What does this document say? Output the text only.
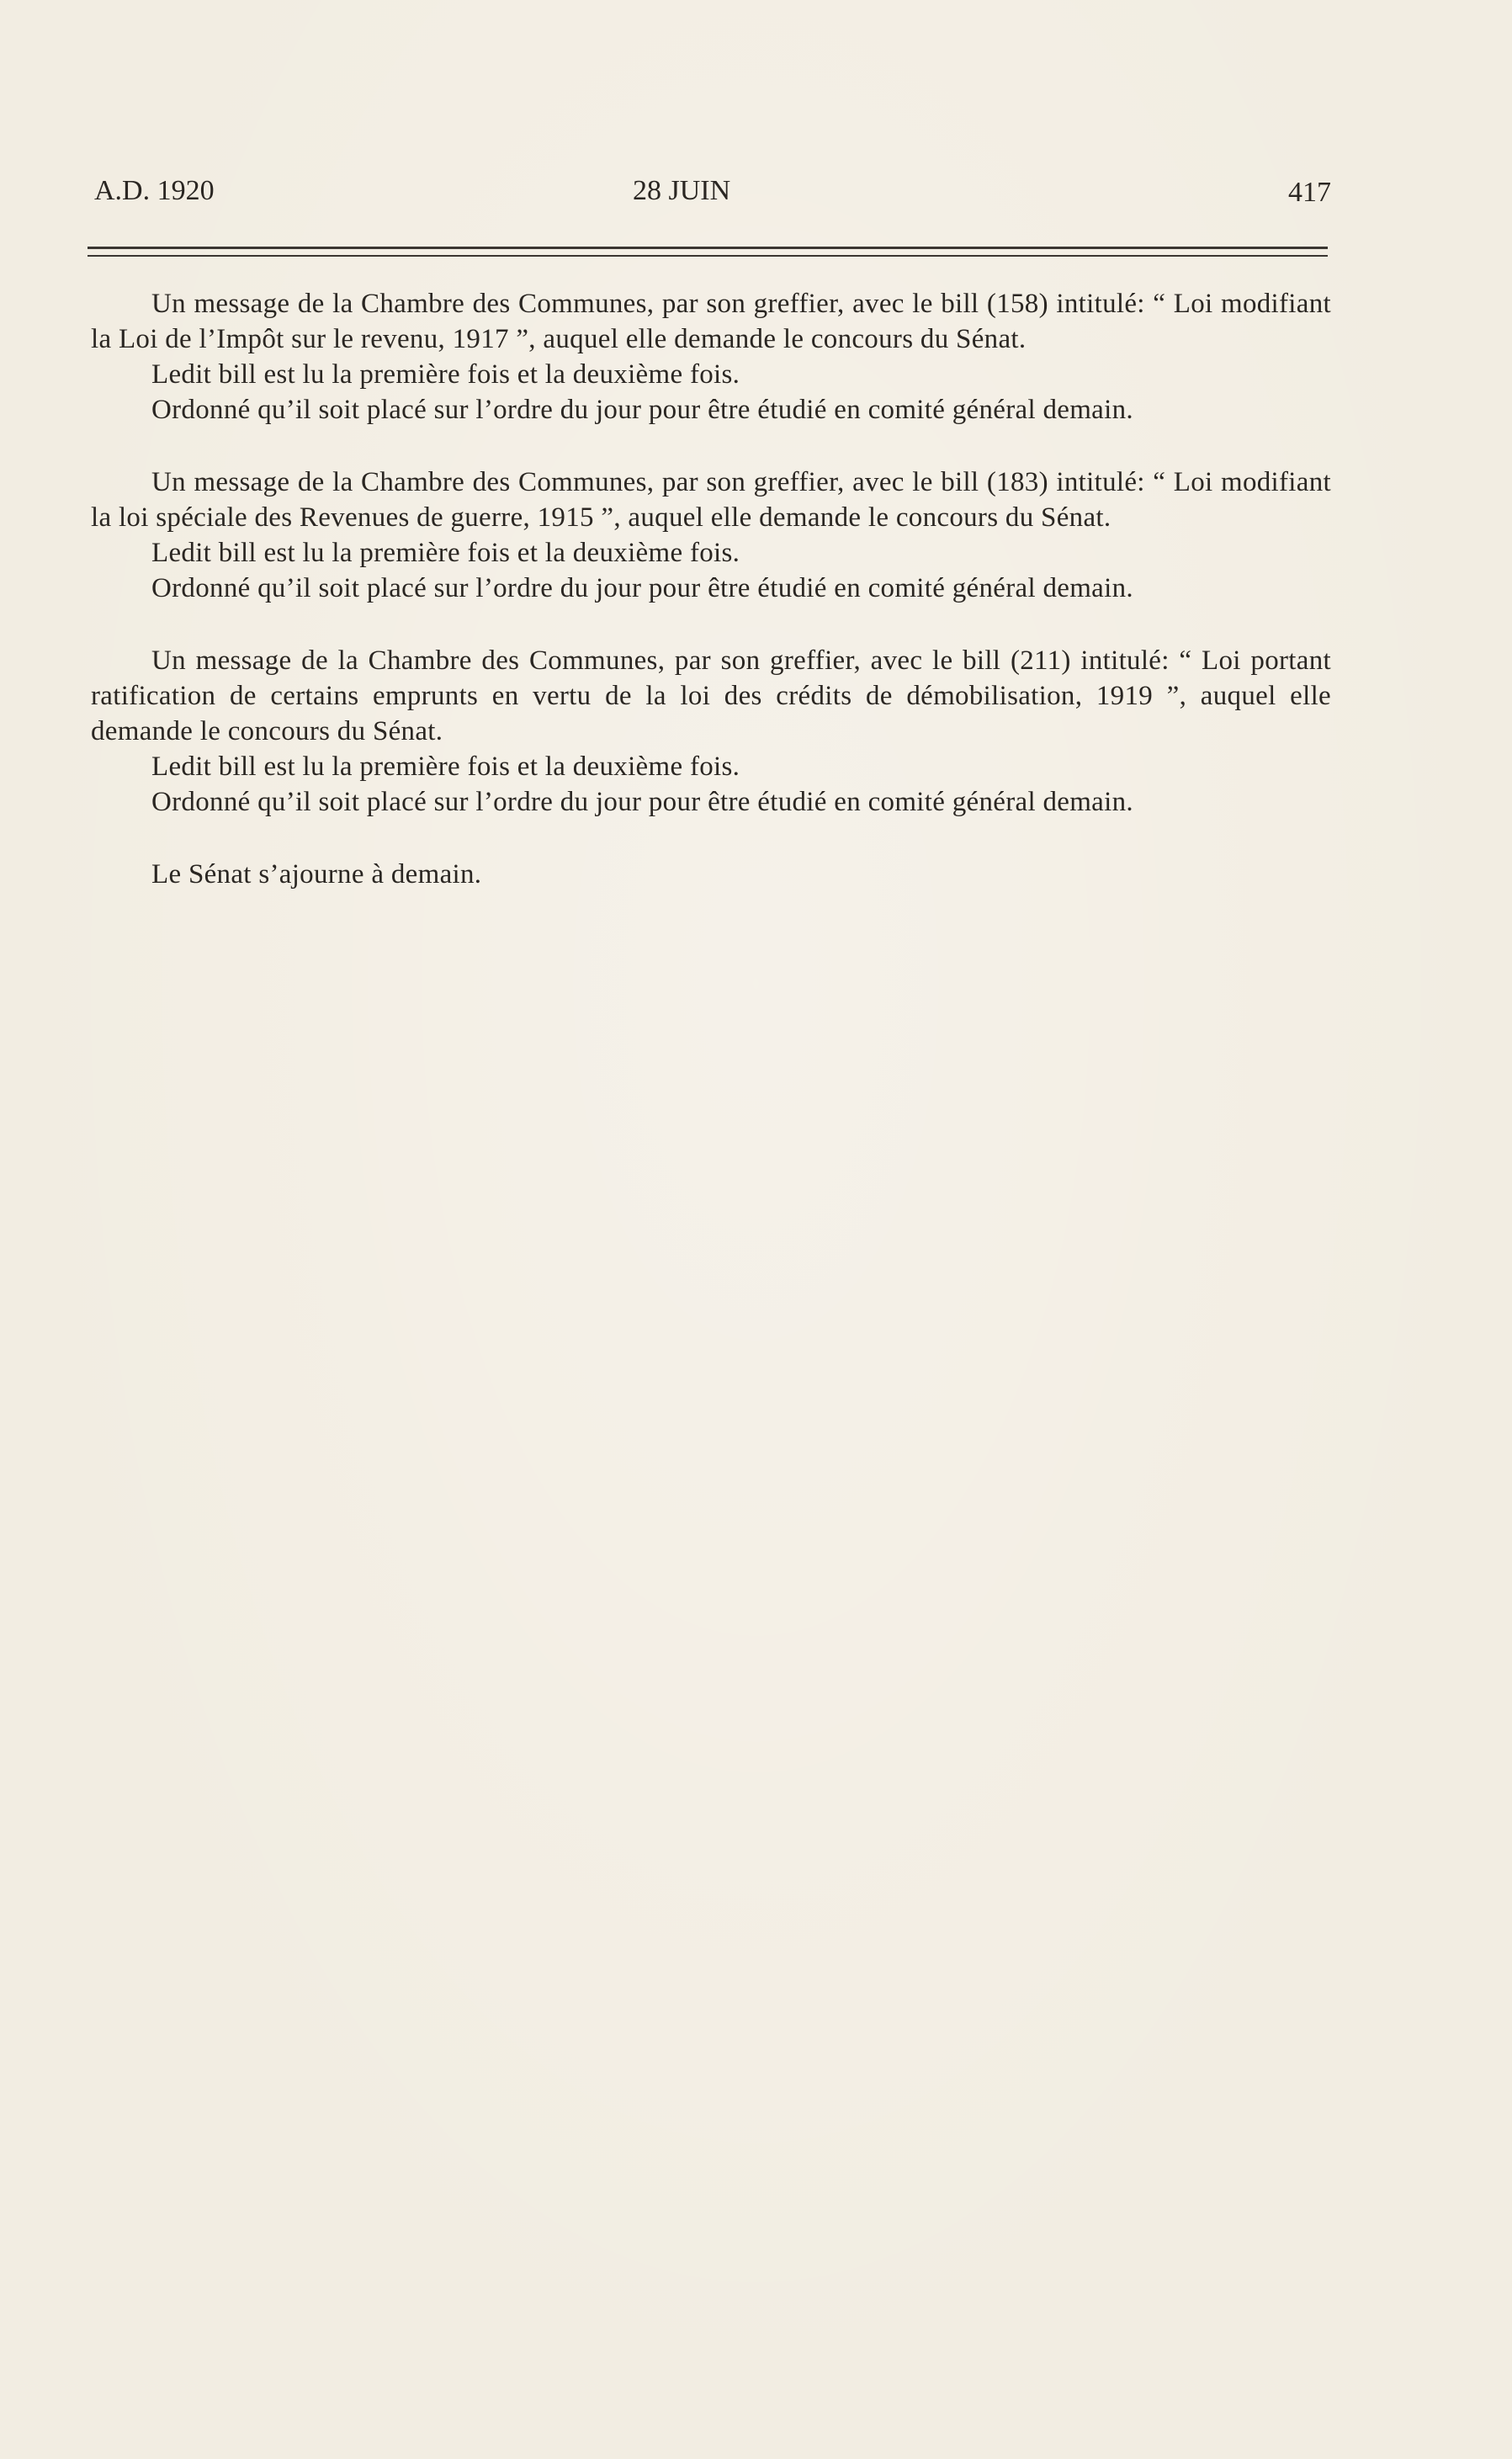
A.D. 1920	28 JUIN	417

Un message de la Chambre des Communes, par son greffier, avec le bill (158) intitulé: “ Loi modifiant la Loi de l’Impôt sur le revenu, 1917 ”, auquel elle demande le concours du Sénat.

Ledit bill est lu la première fois et la deuxième fois.

Ordonné qu’il soit placé sur l’ordre du jour pour être étudié en comité général demain.

Un message de la Chambre des Communes, par son greffier, avec le bill (183) intitulé: “ Loi modifiant la loi spéciale des Revenues de guerre, 1915 ”, auquel elle demande le concours du Sénat.

Ledit bill est lu la première fois et la deuxième fois.

Ordonné qu’il soit placé sur l’ordre du jour pour être étudié en comité général demain.

Un message de la Chambre des Communes, par son greffier, avec le bill (211) intitulé: “ Loi portant ratification de certains emprunts en vertu de la loi des crédits de démobilisation, 1919 ”, auquel elle demande le concours du Sénat.

Ledit bill est lu la première fois et la deuxième fois.

Ordonné qu’il soit placé sur l’ordre du jour pour être étudié en comité général demain.

Le Sénat s’ajourne à demain.
